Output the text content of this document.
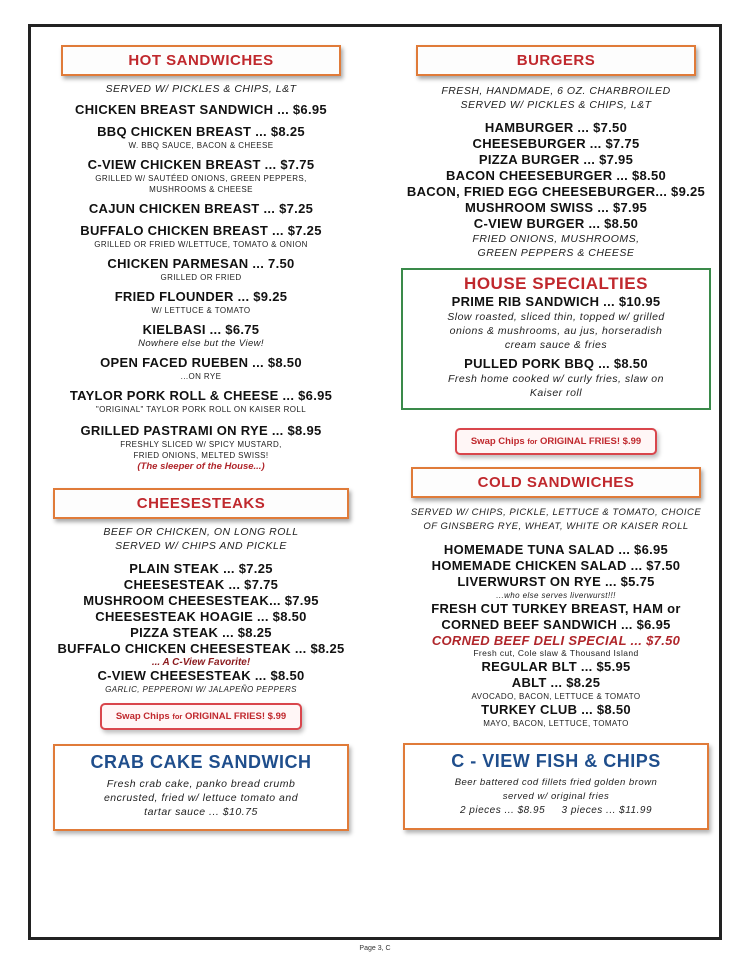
HOT SANDWICHES
SERVED W/ PICKLES & CHIPS, L&T
CHICKEN BREAST SANDWICH ... $6.95
BBQ CHICKEN BREAST ... $8.25
W. BBQ SAUCE, BACON & CHEESE
C-VIEW CHICKEN BREAST ... $7.75
GRILLED W/ SAUTÉED ONIONS, GREEN PEPPERS,
MUSHROOMS & CHEESE
CAJUN CHICKEN BREAST ... $7.25
BUFFALO CHICKEN BREAST ... $7.25
GRILLED OR FRIED W/LETTUCE, TOMATO & ONION
CHICKEN PARMESAN ... 7.50
GRILLED OR FRIED
FRIED FLOUNDER ... $9.25
W/ LETTUCE & TOMATO
KIELBASI ... $6.75
Nowhere else but the View!
OPEN FACED RUEBEN ... $8.50
...ON RYE
TAYLOR PORK ROLL & CHEESE ... $6.95
"ORIGINAL" TAYLOR PORK ROLL ON KAISER ROLL
GRILLED PASTRAMI ON RYE ... $8.95
FRESHLY SLICED W/ SPICY MUSTARD,
FRIED ONIONS, MELTED SWISS!
(The sleeper of the House...)
CHEESESTEAKS
BEEF OR CHICKEN, ON LONG ROLL
SERVED W/ CHIPS AND PICKLE
PLAIN STEAK ... $7.25
CHEESESTEAK ... $7.75
MUSHROOM CHEESESTEAK... $7.95
CHEESESTEAK HOAGIE ... $8.50
PIZZA STEAK ... $8.25
BUFFALO CHICKEN CHEESESTEAK ... $8.25
... A C-View Favorite!
C-VIEW CHEESESTEAK ... $8.50
GARLIC, PEPPERONI W/ JALAPEÑO PEPPERS
Swap Chips for ORIGINAL FRIES! $.99
CRAB CAKE SANDWICH
Fresh crab cake, panko bread crumb
encrusted, fried w/ lettuce tomato and
tartar sauce ... $10.75
BURGERS
FRESH, HANDMADE, 6 OZ. CHARBROILED
SERVED W/ PICKLES & CHIPS, L&T
HAMBURGER ... $7.50
CHEESEBURGER ... $7.75
PIZZA BURGER ... $7.95
BACON CHEESEBURGER ... $8.50
BACON, FRIED EGG CHEESEBURGER... $9.25
MUSHROOM SWISS ... $7.95
C-VIEW BURGER ... $8.50
FRIED ONIONS, MUSHROOMS,
GREEN PEPPERS & CHEESE
HOUSE SPECIALTIES
PRIME RIB SANDWICH ... $10.95
Slow roasted, sliced thin, topped w/ grilled
onions & mushrooms, au jus, horseradish
cream sauce & fries
PULLED PORK BBQ ... $8.50
Fresh home cooked w/ curly fries, slaw on
Kaiser roll
Swap Chips for ORIGINAL FRIES! $.99
COLD SANDWICHES
SERVED W/ CHIPS, PICKLE, LETTUCE & TOMATO, CHOICE
OF GINSBERG RYE, WHEAT, WHITE OR KAISER ROLL
HOMEMADE TUNA SALAD ... $6.95
HOMEMADE CHICKEN SALAD ... $7.50
LIVERWURST ON RYE ... $5.75
...who else serves liverwurst!!!
FRESH CUT TURKEY BREAST, HAM or
CORNED BEEF SANDWICH ... $6.95
CORNED BEEF DELI SPECIAL ... $7.50
Fresh cut, Cole slaw & Thousand Island
REGULAR BLT ... $5.95
ABLT ... $8.25
AVOCADO, BACON, LETTUCE & TOMATO
TURKEY CLUB ... $8.50
MAYO, BACON, LETTUCE, TOMATO
C - VIEW FISH & CHIPS
Beer battered cod fillets fried golden brown
served w/ original fries
2 pieces ... $8.95     3 pieces ... $11.99
Page 3, C
